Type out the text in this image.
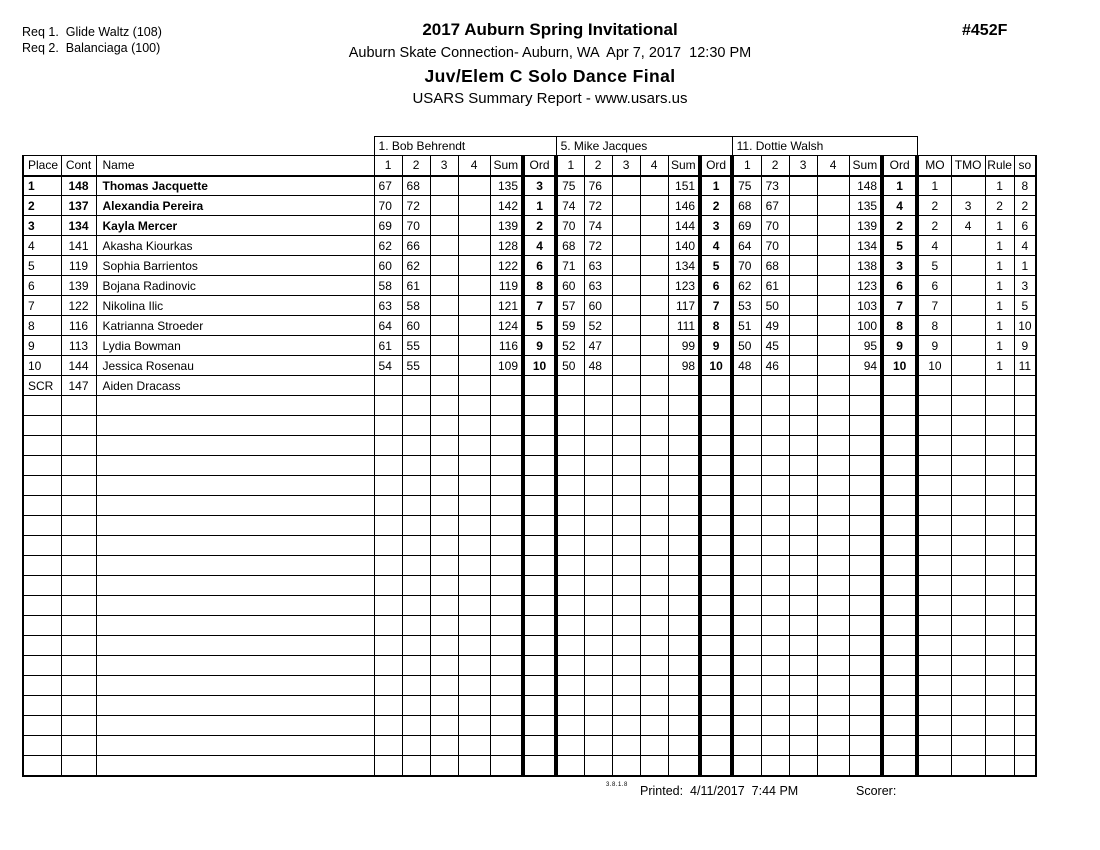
Req 1.  Glide Waltz (108)
Req 2.  Balanciaga (100)
#452F
2017 Auburn Spring Invitational
Auburn Skate Connection- Auburn, WA  Apr 7, 2017  12:30 PM
Juv/Elem C Solo Dance Final
USARS Summary Report - www.usars.us
			1. Bob Behrendt						5. Mike Jacques						11. Dottie Walsh									
Place	Cont	Name	1	2	3	4	Sum	Ord	1	2	3	4	Sum	Ord	1	2	3	4	Sum	Ord	MO	TMO	Rule	so
1	148	Thomas Jacquette	67	68			135	3	75	76			151	1	75	73			148	1	1		1	8
2	137	Alexandia Pereira	70	72			142	1	74	72			146	2	68	67			135	4	2	3	2	2
3	134	Kayla Mercer	69	70			139	2	70	74			144	3	69	70			139	2	2	4	1	6
4	141	Akasha Kiourkas	62	66			128	4	68	72			140	4	64	70			134	5	4		1	4
5	119	Sophia Barrientos	60	62			122	6	71	63			134	5	70	68			138	3	5		1	1
6	139	Bojana Radinovic	58	61			119	8	60	63			123	6	62	61			123	6	6		1	3
7	122	Nikolina Ilic	63	58			121	7	57	60			117	7	53	50			103	7	7		1	5
8	116	Katrianna Stroeder	64	60			124	5	59	52			111	8	51	49			100	8	8		1	10
9	113	Lydia Bowman	61	55			116	9	52	47			99	9	50	45			95	9	9		1	9
10	144	Jessica Rosenau	54	55			109	10	50	48			98	10	48	46			94	10	10		1	11
SCR	147	Aiden Dracass																						

3.8.1.8 Printed:  4/11/2017  7:44 PM	Scorer:
